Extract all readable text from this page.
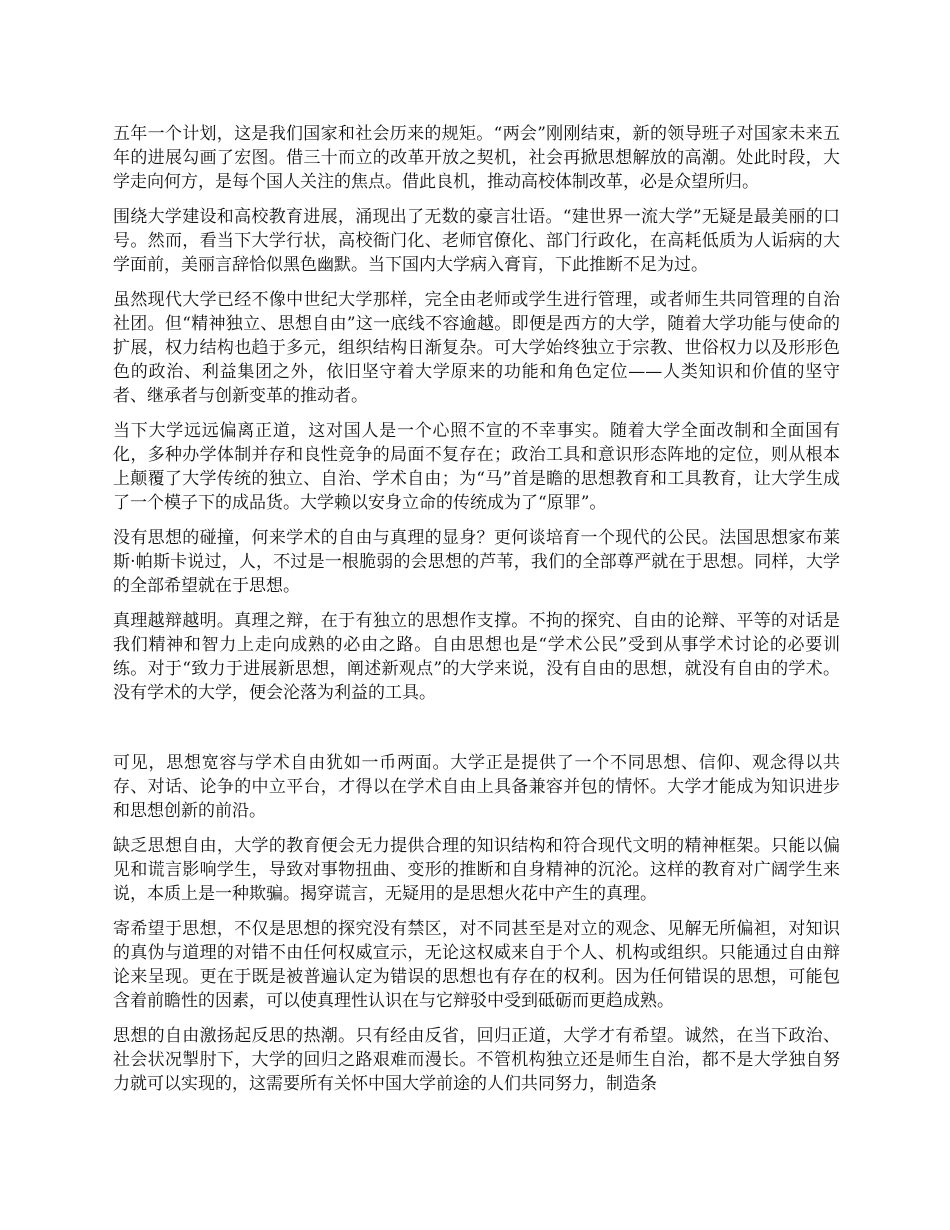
五年一个计划，这是我们国家和社会历来的规矩。“两会”刚刚结束，新的领导班子对国家未来五年的进展勾画了宏图。借三十而立的改革开放之契机，社会再掀思想解放的高潮。处此时段，大学走向何方，是每个国人关注的焦点。借此良机，推动高校体制改革，必是众望所归。

围绕大学建设和高校教育进展，涌现出了无数的豪言壮语。“建世界一流大学”无疑是最美丽的口号。然而，看当下大学行状，高校衙门化、老师官僚化、部门行政化，在高耗低质为人诟病的大学面前，美丽言辞恰似黑色幽默。当下国内大学病入膏肓，下此推断不足为过。

虽然现代大学已经不像中世纪大学那样，完全由老师或学生进行管理，或者师生共同管理的自治社团。但“精神独立、思想自由”这一底线不容逾越。即便是西方的大学，随着大学功能与使命的扩展，权力结构也趋于多元，组织结构日渐复杂。可大学始终独立于宗教、世俗权力以及形形色色的政治、利益集团之外，依旧坚守着大学原来的功能和角色定位——人类知识和价值的坚守者、继承者与创新变革的推动者。

当下大学远远偏离正道，这对国人是一个心照不宣的不幸事实。随着大学全面改制和全面国有化，多种办学体制并存和良性竞争的局面不复存在；政治工具和意识形态阵地的定位，则从根本上颠覆了大学传统的独立、自治、学术自由；为“马”首是瞻的思想教育和工具教育，让大学生成了一个模子下的成品货。大学赖以安身立命的传统成为了“原罪”。

没有思想的碰撞，何来学术的自由与真理的显身？更何谈培育一个现代的公民。法国思想家布莱斯·帕斯卡说过，人，不过是一根脆弱的会思想的芦苇，我们的全部尊严就在于思想。同样，大学的全部希望就在于思想。

真理越辩越明。真理之辩，在于有独立的思想作支撑。不拘的探究、自由的论辩、平等的对话是我们精神和智力上走向成熟的必由之路。自由思想也是“学术公民”受到从事学术讨论的必要训练。对于“致力于进展新思想，阐述新观点”的大学来说，没有自由的思想，就没有自由的学术。没有学术的大学，便会沦落为利益的工具。

可见，思想宽容与学术自由犹如一币两面。大学正是提供了一个不同思想、信仰、观念得以共存、对话、论争的中立平台，才得以在学术自由上具备兼容并包的情怀。大学才能成为知识进步和思想创新的前沿。

缺乏思想自由，大学的教育便会无力提供合理的知识结构和符合现代文明的精神框架。只能以偏见和谎言影响学生，导致对事物扭曲、变形的推断和自身精神的沉沦。这样的教育对广阔学生来说，本质上是一种欺骗。揭穿谎言，无疑用的是思想火花中产生的真理。

寄希望于思想，不仅是思想的探究没有禁区，对不同甚至是对立的观念、见解无所偏袒，对知识的真伪与道理的对错不由任何权威宣示，无论这权威来自于个人、机构或组织。只能通过自由辩论来呈现。更在于既是被普遍认定为错误的思想也有存在的权利。因为任何错误的思想，可能包含着前瞻性的因素，可以使真理性认识在与它辩驳中受到砥砺而更趋成熟。

思想的自由激扬起反思的热潮。只有经由反省，回归正道，大学才有希望。诚然，在当下政治、社会状况掣肘下，大学的回归之路艰难而漫长。不管机构独立还是师生自治，都不是大学独自努力就可以实现的，这需要所有关怀中国大学前途的人们共同努力，制造条
